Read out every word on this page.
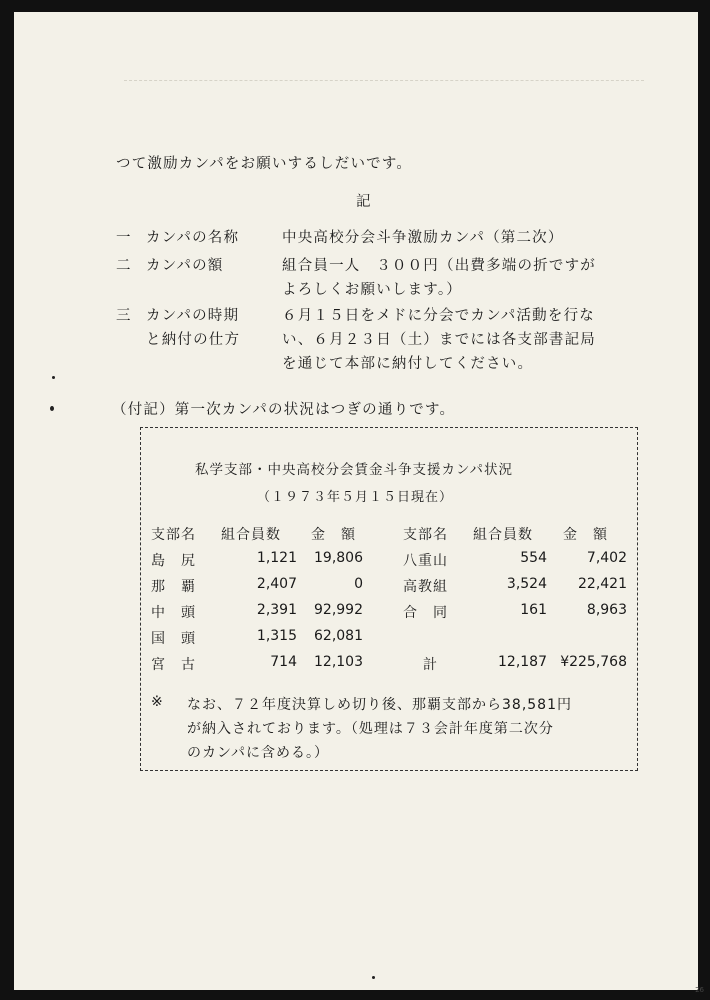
つて激励カンパをお願いするしだいです。
記
一 カンパの名称	中央高校分会斗争激励カンパ（第二次）
二 カンパの額	組合員一人　３００円（出費多端の折ですが
よろしくお願いします。）
三 カンパの時期
と納付の仕方
６月１５日をメドに分会でカンパ活動を行な
い、６月２３日（土）までには各支部書記局
を通じて本部に納付してください。
（付記）第一次カンパの状況はつぎの通りです。
私学支部・中央高校分会賃金斗争支援カンパ状況
（１９７３年５月１５日現在）
支部名 組合員数 金　額	支部名 組合員数 金　額
島　尻	1,121	19,806
那　覇	2,407	0
中　頭	2,391	92,992
国　頭	1,315	62,081
宮　古	714	12,103
八重山	554	7,402
高教組	3,524	22,421
合　同	161	8,963
計	12,187 ¥225,768
※ なお、７２年度決算しめ切り後、那覇支部から38,581円
が納入されております。（処理は７３会計年度第二次分
のカンパに含める。）
26
